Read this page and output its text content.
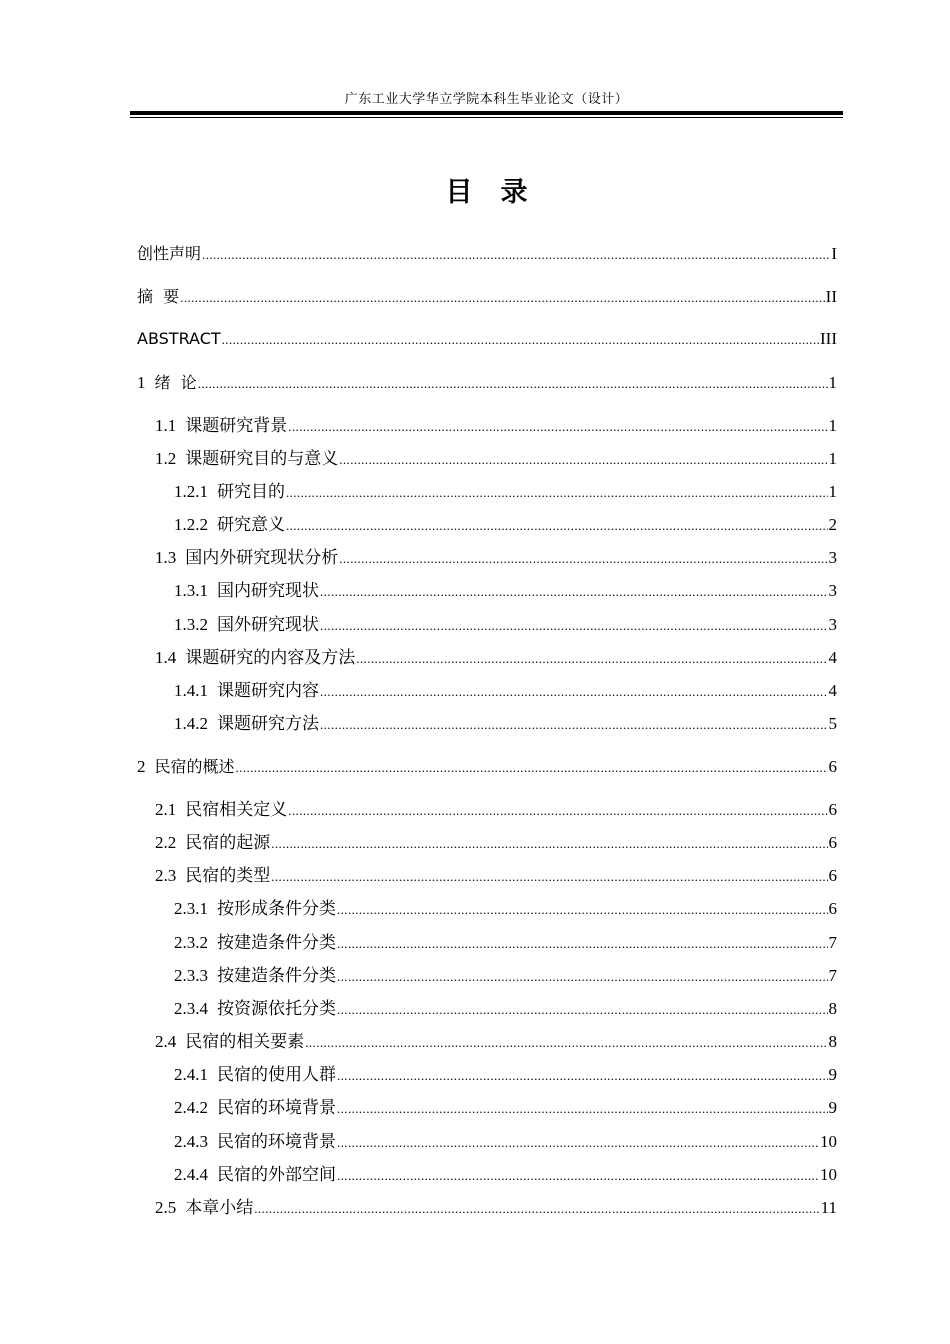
广东工业大学华立学院本科生毕业论文（设计）
目录
创性声明 .....	I
摘  要 .....	II
ABSTRACT .....	III
1 绪  论 .....	1
1.1 课题研究背景 .....	1
1.2 课题研究目的与意义 .....	1
1.2.1 研究目的 .....	1
1.2.2 研究意义 .....	2
1.3 国内外研究现状分析 .....	3
1.3.1 国内研究现状 .....	3
1.3.2 国外研究现状 .....	3
1.4 课题研究的内容及方法 .....	4
1.4.1 课题研究内容 .....	4
1.4.2 课题研究方法 .....	5
2 民宿的概述 .....	6
2.1 民宿相关定义 .....	6
2.2 民宿的起源 .....	6
2.3 民宿的类型 .....	6
2.3.1 按形成条件分类 .....	6
2.3.2 按建造条件分类 .....	7
2.3.3 按建造条件分类 .....	7
2.3.4 按资源依托分类 .....	8
2.4 民宿的相关要素 .....	8
2.4.1 民宿的使用人群 .....	9
2.4.2 民宿的环境背景 .....	9
2.4.3 民宿的环境背景 .....	10
2.4.4 民宿的外部空间 .....	10
2.5 本章小结 .....	11
